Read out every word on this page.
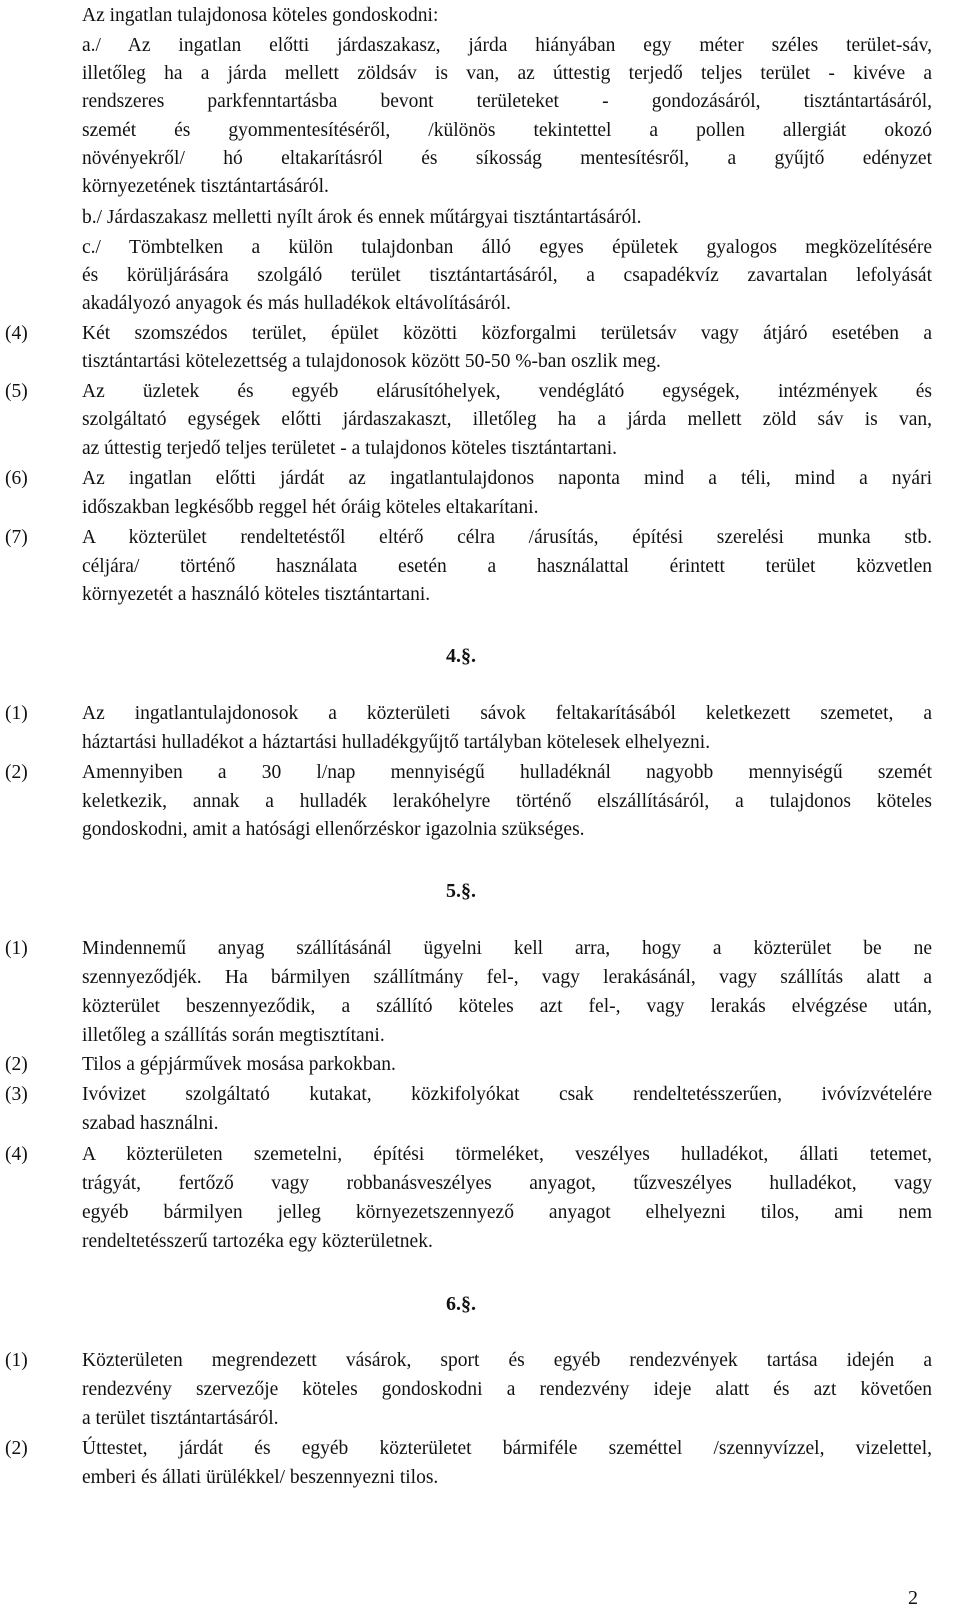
Az ingatlan tulajdonosa köteles gondoskodni:
a./ Az ingatlan előtti járdaszakasz, járda hiányában egy méter széles terület-sáv,
illetőleg ha a járda mellett zöldsáv is van, az úttestig terjedő teljes terület - kivéve a
rendszeres parkfenntartásba bevont területeket - gondozásáról, tisztántartásáról,
szemét és gyommentesítéséről, /különös tekintettel a pollen allergiát okozó
növényekről/ hó eltakarításról és síkosság mentesítésről, a gyűjtő edényzet
környezetének tisztántartásáról.
b./ Járdaszakasz melletti nyílt árok és ennek műtárgyai tisztántartásáról.
c./ Tömbtelken a külön tulajdonban álló egyes épületek gyalogos megközelítésére
és körüljárására szolgáló terület tisztántartásáról, a csapadékvíz zavartalan lefolyását
akadályozó anyagok és más hulladékok eltávolításáról.
(4)	Két szomszédos terület, épület közötti közforgalmi területsáv vagy átjáró esetében a
tisztántartási kötelezettség a tulajdonosok között 50-50 %-ban oszlik meg.
(5)	Az üzletek és egyéb elárusítóhelyek, vendéglátó egységek, intézmények és
szolgáltató egységek előtti járdaszakaszt, illetőleg ha a járda mellett zöld sáv is van,
az úttestig terjedő teljes területet - a tulajdonos köteles tisztántartani.
(6)	Az ingatlan előtti járdát az ingatlantulajdonos naponta mind a téli, mind a nyári
időszakban legkésőbb reggel hét óráig köteles eltakarítani.
(7)	A közterület rendeltetéstől eltérő célra /árusítás, építési szerelési munka stb.
céljára/ történő használata esetén a használattal érintett terület közvetlen
környezetét a használó köteles tisztántartani.
4.§.
(1)	Az ingatlantulajdonosok a közterületi sávok feltakarításából keletkezett szemetet, a
háztartási hulladékot a háztartási hulladékgyűjtő tartályban kötelesek elhelyezni.
(2)	Amennyiben a 30 l/nap mennyiségű hulladéknál nagyobb mennyiségű szemét
keletkezik, annak a hulladék lerakóhelyre történő elszállításáról, a tulajdonos köteles
gondoskodni, amit a hatósági ellenőrzéskor igazolnia szükséges.
5.§.
(1)	Mindennemű anyag szállításánál ügyelni kell arra, hogy a közterület be ne
szennyeződjék. Ha bármilyen szállítmány fel-, vagy lerakásánál, vagy szállítás alatt a
közterület beszennyeződik, a szállító köteles azt fel-, vagy lerakás elvégzése után,
illetőleg a szállítás során megtisztítani.
(2)	Tilos a gépjárművek mosása parkokban.
(3)	Ivóvizet szolgáltató kutakat, közkifolyókat csak rendeltetésszerűen, ivóvízvételére
szabad használni.
(4)	A közterületen szemetelni, építési törmeléket, veszélyes hulladékot, állati tetemet,
trágyát, fertőző vagy robbanásveszélyes anyagot, tűzveszélyes hulladékot, vagy
egyéb bármilyen jelleg környezetszennyező anyagot elhelyezni tilos, ami nem
rendeltetésszerű tartozéka egy közterületnek.
6.§.
(1)	Közterületen megrendezett vásárok, sport és egyéb rendezvények tartása idején a
rendezvény szervezője köteles gondoskodni a rendezvény ideje alatt és azt követően
a terület tisztántartásáról.
(2)	Úttestet, járdát és egyéb közterületet bármiféle szeméttel /szennyvízzel, vizelettel,
emberi és állati ürülékkel/ beszennyezni tilos.
2
